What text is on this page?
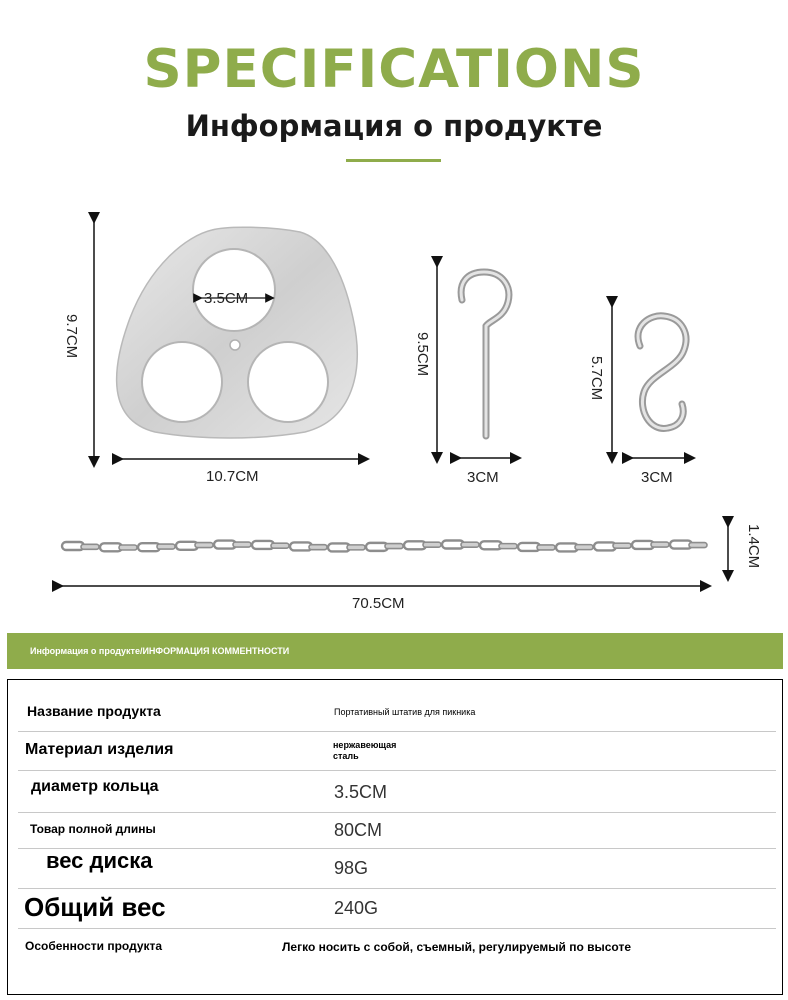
SPECIFICATIONS
Информация о продукте
3.5CM
9.7CM
10.7CM
9.5CM
3CM
5.7CM
3CM
70.5CM
1.4CM
Информация о продукте/ИНФОРМАЦИЯ КОММЕНТНОСТИ
Название продукта	Портативный штатив для пикника
Материал изделия	нержавеющая
сталь
диаметр кольца	3.5CM
Товар полной длины	80CM
вес диска	98G
Общий вес	240G
Особенности продукта	Легко носить с собой, съемный, регулируемый по высоте
